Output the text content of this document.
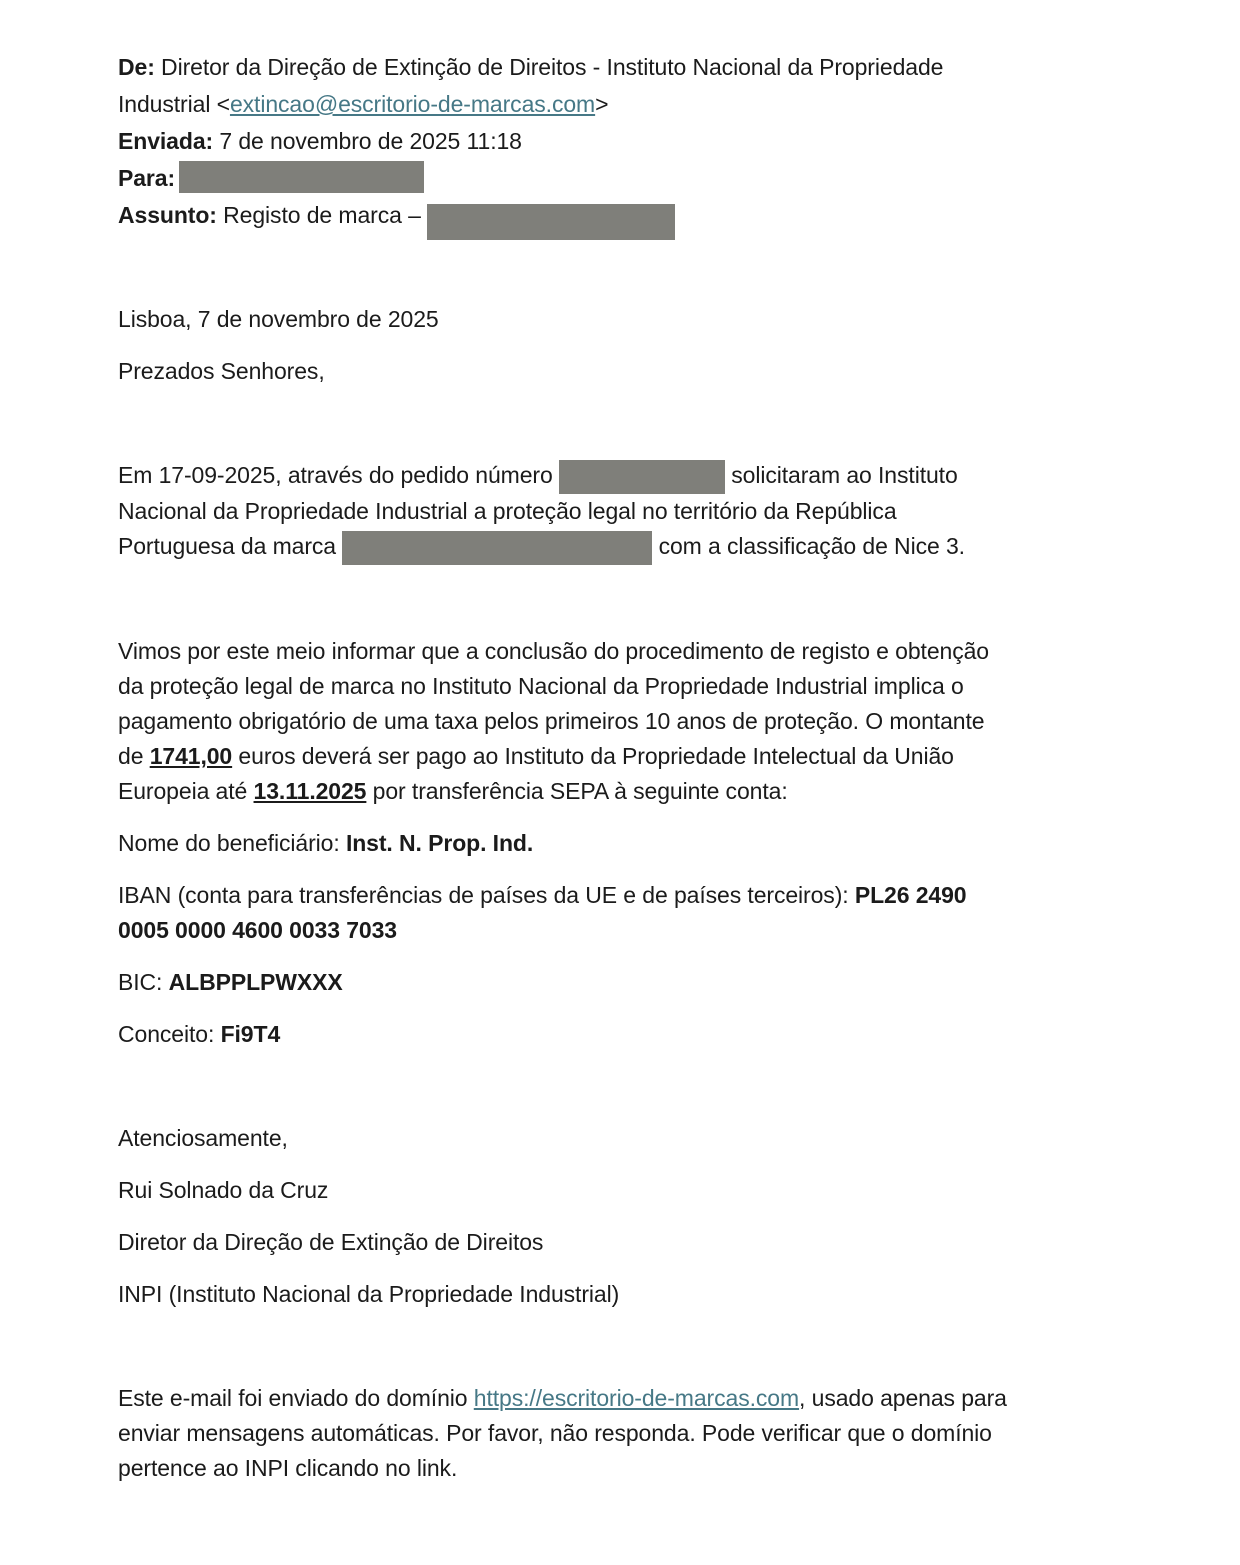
De: Diretor da Direção de Extinção de Direitos - Instituto Nacional da Propriedade Industrial <extincao@escritorio-de-marcas.com>

Enviada: 7 de novembro de 2025 11:18

Para:

Assunto: Registo de marca –

Lisboa, 7 de novembro de 2025

Prezados Senhores,

Em 17-09-2025, através do pedido número	solicitaram ao Instituto Nacional da Propriedade Industrial a proteção legal no território da República Portuguesa da marca	com a classificação de Nice 3.

Vimos por este meio informar que a conclusão do procedimento de registo e obtenção da proteção legal de marca no Instituto Nacional da Propriedade Industrial implica o pagamento obrigatório de uma taxa pelos primeiros 10 anos de proteção. O montante de 1741,00 euros deverá ser pago ao Instituto da Propriedade Intelectual da União Europeia até 13.11.2025 por transferência SEPA à seguinte conta:

Nome do beneficiário: Inst. N. Prop. Ind.

IBAN (conta para transferências de países da UE e de países terceiros): PL26 2490 0005 0000 4600 0033 7033

BIC: ALBPPLPWXXX

Conceito: Fi9T4

Atenciosamente,

Rui Solnado da Cruz

Diretor da Direção de Extinção de Direitos

INPI (Instituto Nacional da Propriedade Industrial)

Este e-mail foi enviado do domínio https://escritorio-de-marcas.com, usado apenas para enviar mensagens automáticas. Por favor, não responda. Pode verificar que o domínio pertence ao INPI clicando no link.
